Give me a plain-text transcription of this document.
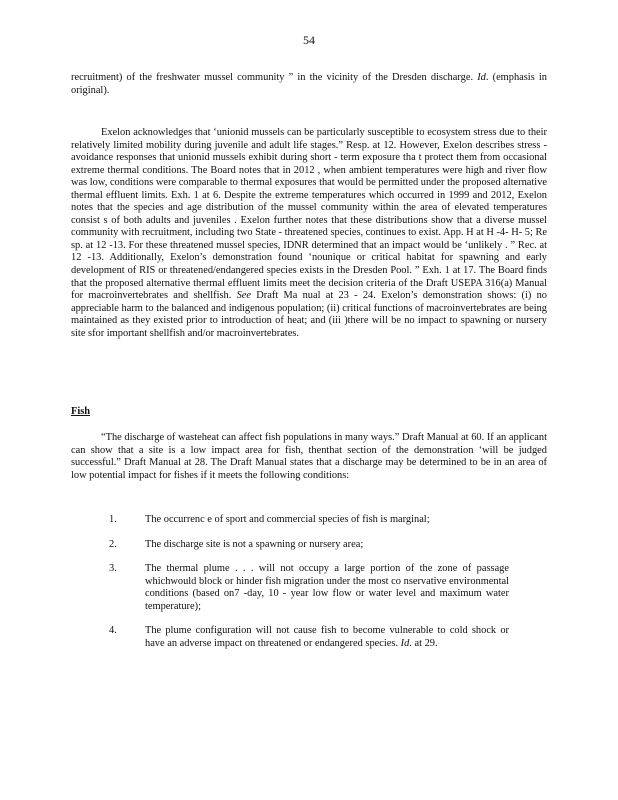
54

recruitment) of the freshwater mussel community ” in the vicinity of the Dresden discharge. Id. (emphasis in original).

Exelon acknowledges that ‘unionid mussels can be particularly susceptible to ecosystem stress due to their relatively limited mobility during juvenile and adult life stages.” Resp. at 12. However, Exelon describes stress -avoidance responses that unionid mussels exhibit during short - term exposure tha t protect them from occasional extreme thermal conditions. The Board notes that in 2012 , when ambient temperatures were high and river flow was low, conditions were comparable to thermal exposures that would be permitted under the proposed alternative thermal effluent limits. Exh. 1 at 6. Despite the extreme temperatures which occurred in 1999 and 2012, Exelon notes that the species and age distribution of the mussel community within the area of elevated temperatures consist s of both adults and juveniles . Exelon further notes that these distributions show that a diverse mussel community with recruitment, including two State - threatened species, continues to exist. App. H at H -4- H- 5; Re sp. at 12 -13. For these threatened mussel species, IDNR determined that an impact would be ‘unlikely . ” Rec. at 12 -13. Additionally, Exelon’s demonstration found ‘nounique or critical habitat for spawning and early development of RIS or threatened/endangered species exists in the Dresden Pool. ” Exh. 1 at 17. The Board finds that the proposed alternative thermal effluent limits meet the decision criteria of the Draft USEPA 316(a) Manual for macroinvertebrates and shellfish. See Draft Ma nual at 23 - 24. Exelon’s demonstration shows: (i) no appreciable harm to the balanced and indigenous population; (ii) critical functions of macroinvertebrates are being maintained as they existed prior to introduction of heat; and (iii )there will be no impact to spawning or nursery site sfor important shellfish and/or macroinvertebrates.

Fish

“The discharge of wasteheat can affect fish populations in many ways.” Draft Manual at 60. If an applicant can show that a site is a low impact area for fish, thenthat section of the demonstration ‘will be judged successful.” Draft Manual at 28. The Draft Manual states that a discharge may be determined to be in an area of low potential impact for fishes if it meets the following conditions:

1.	The occurrenc e of sport and commercial species of fish is marginal;
2.	The discharge site is not a spawning or nursery area;
3.	The thermal plume . . . will not occupy a large portion of the zone of passage whichwould block or hinder fish migration under the most co nservative environmental conditions (based on7 -day, 10 - year low flow or water level and maximum water temperature);
4.	The plume configuration will not cause fish to become vulnerable to cold shock or have an adverse impact on threatened or endangered species. Id. at 29.
